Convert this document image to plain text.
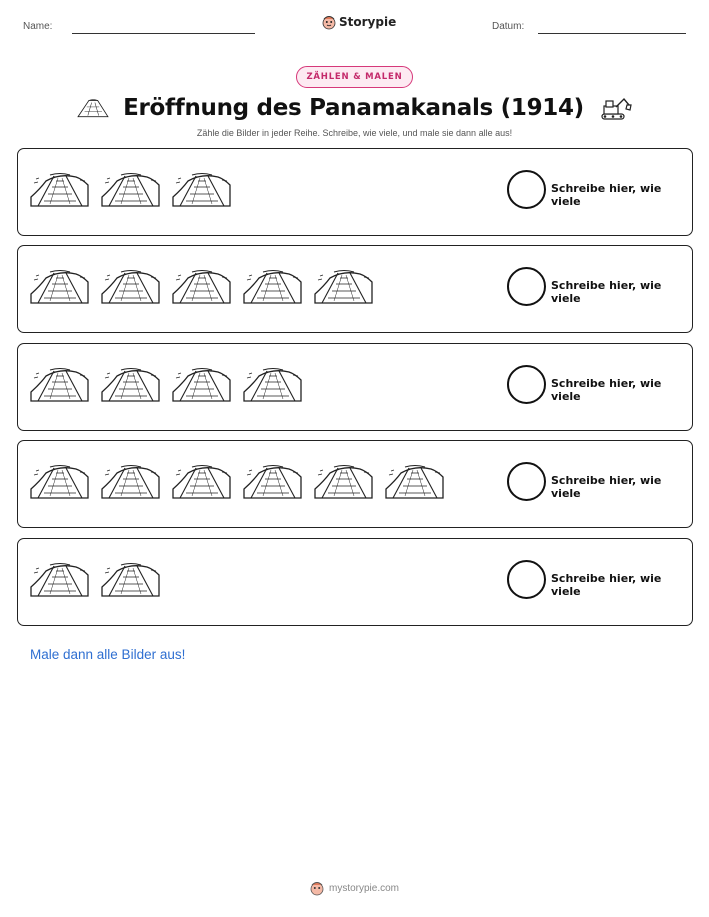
Name:	Storypie	Datum:
ZÄHLEN & MALEN
Eröffnung des Panamakanals (1914)
Zähle die Bilder in jeder Reihe. Schreibe, wie viele, und male sie dann alle aus!
Schreibe hier, wie viele
Schreibe hier, wie viele
Schreibe hier, wie viele
Schreibe hier, wie viele
Schreibe hier, wie viele
Male dann alle Bilder aus!
mystorypie.com
